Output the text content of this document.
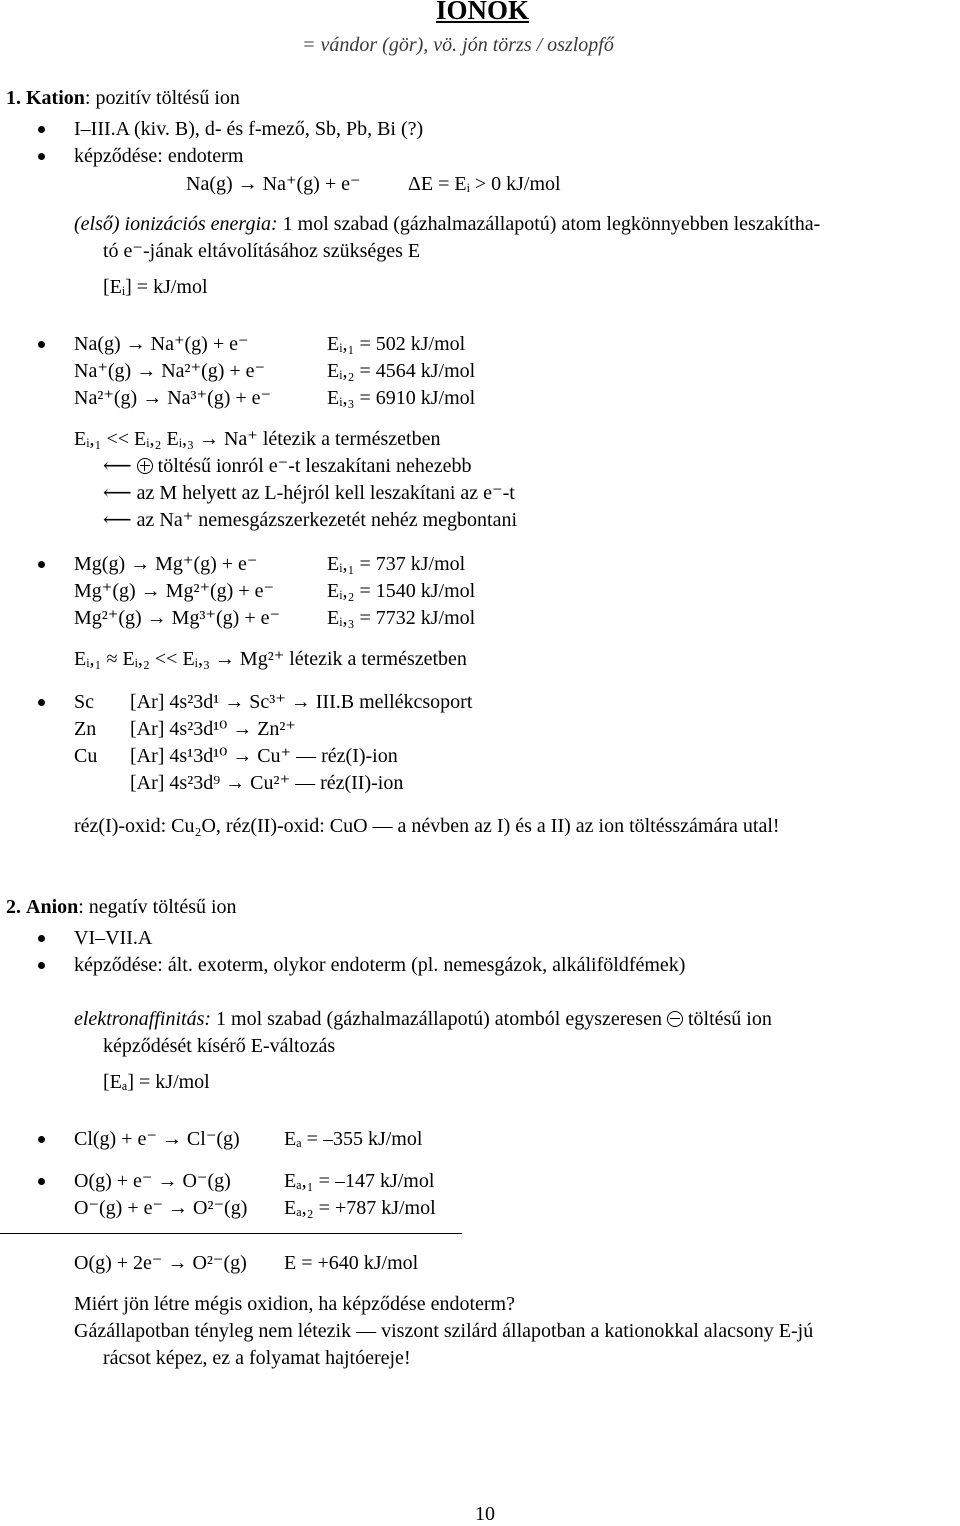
IONOK
= vándor (gör), vö. jón törzs / oszlopfő
1. Kation: pozitív töltésű ion
I–III.A (kiv. B), d- és f-mező, Sb, Pb, Bi (?)
képződése: endoterm
Na(g) → Na⁺(g) + e⁻ ΔE = Eᵢ > 0 kJ/mol
(első) ionizációs energia: 1 mol szabad (gázhalmazállapotú) atom legkönnyebben leszakítha-
tó e⁻-jának eltávolításához szükséges E
[Eᵢ] = kJ/mol
Na(g) → Na⁺(g) + e⁻	Eᵢ,₁ = 502 kJ/mol
Na⁺(g) → Na²⁺(g) + e⁻	Eᵢ,₂ = 4564 kJ/mol
Na²⁺(g) → Na³⁺(g) + e⁻	Eᵢ,₃ = 6910 kJ/mol
Eᵢ,₁ << Eᵢ,₂ Eᵢ,₃ → Na⁺ létezik a természetben
⟵ töltésű ionról e⁻-t leszakítani nehezebb
⟵ az M helyett az L-héjról kell leszakítani az e⁻-t
⟵ az Na⁺ nemesgázszerkezetét nehéz megbontani
Mg(g) → Mg⁺(g) + e⁻	Eᵢ,₁ = 737 kJ/mol
Mg⁺(g) → Mg²⁺(g) + e⁻	Eᵢ,₂ = 1540 kJ/mol
Mg²⁺(g) → Mg³⁺(g) + e⁻ Eᵢ,₃ = 7732 kJ/mol
Eᵢ,₁ ≈ Eᵢ,₂ << Eᵢ,₃ → Mg²⁺ létezik a természetben
Sc [Ar] 4s²3d¹ → Sc³⁺ → III.B mellékcsoport
Zn [Ar] 4s²3d¹⁰ → Zn²⁺
Cu [Ar] 4s¹3d¹⁰ → Cu⁺ — réz(I)-ion
[Ar] 4s²3d⁹ → Cu²⁺ — réz(II)-ion
réz(I)-oxid: Cu₂O, réz(II)-oxid: CuO — a névben az I) és a II) az ion töltésszámára utal!
2. Anion: negatív töltésű ion
VI–VII.A
képződése: ált. exoterm, olykor endoterm (pl. nemesgázok, alkáliföldfémek)
elektronaffinitás: 1 mol szabad (gázhalmazállapotú) atomból egyszeresen töltésű ion
képződését kísérő E-változás
[Eₐ] = kJ/mol
Cl(g) + e⁻ → Cl⁻(g) Eₐ = –355 kJ/mol
O(g) + e⁻ → O⁻(g)	Eₐ,₁ = –147 kJ/mol
O⁻(g) + e⁻ → O²⁻(g) Eₐ,₂ = +787 kJ/mol
O(g) + 2e⁻ → O²⁻(g) E = +640 kJ/mol
Miért jön létre mégis oxidion, ha képződése endoterm?
Gázállapotban tényleg nem létezik — viszont szilárd állapotban a kationokkal alacsony E-jú
rácsot képez, ez a folyamat hajtóereje!
10
